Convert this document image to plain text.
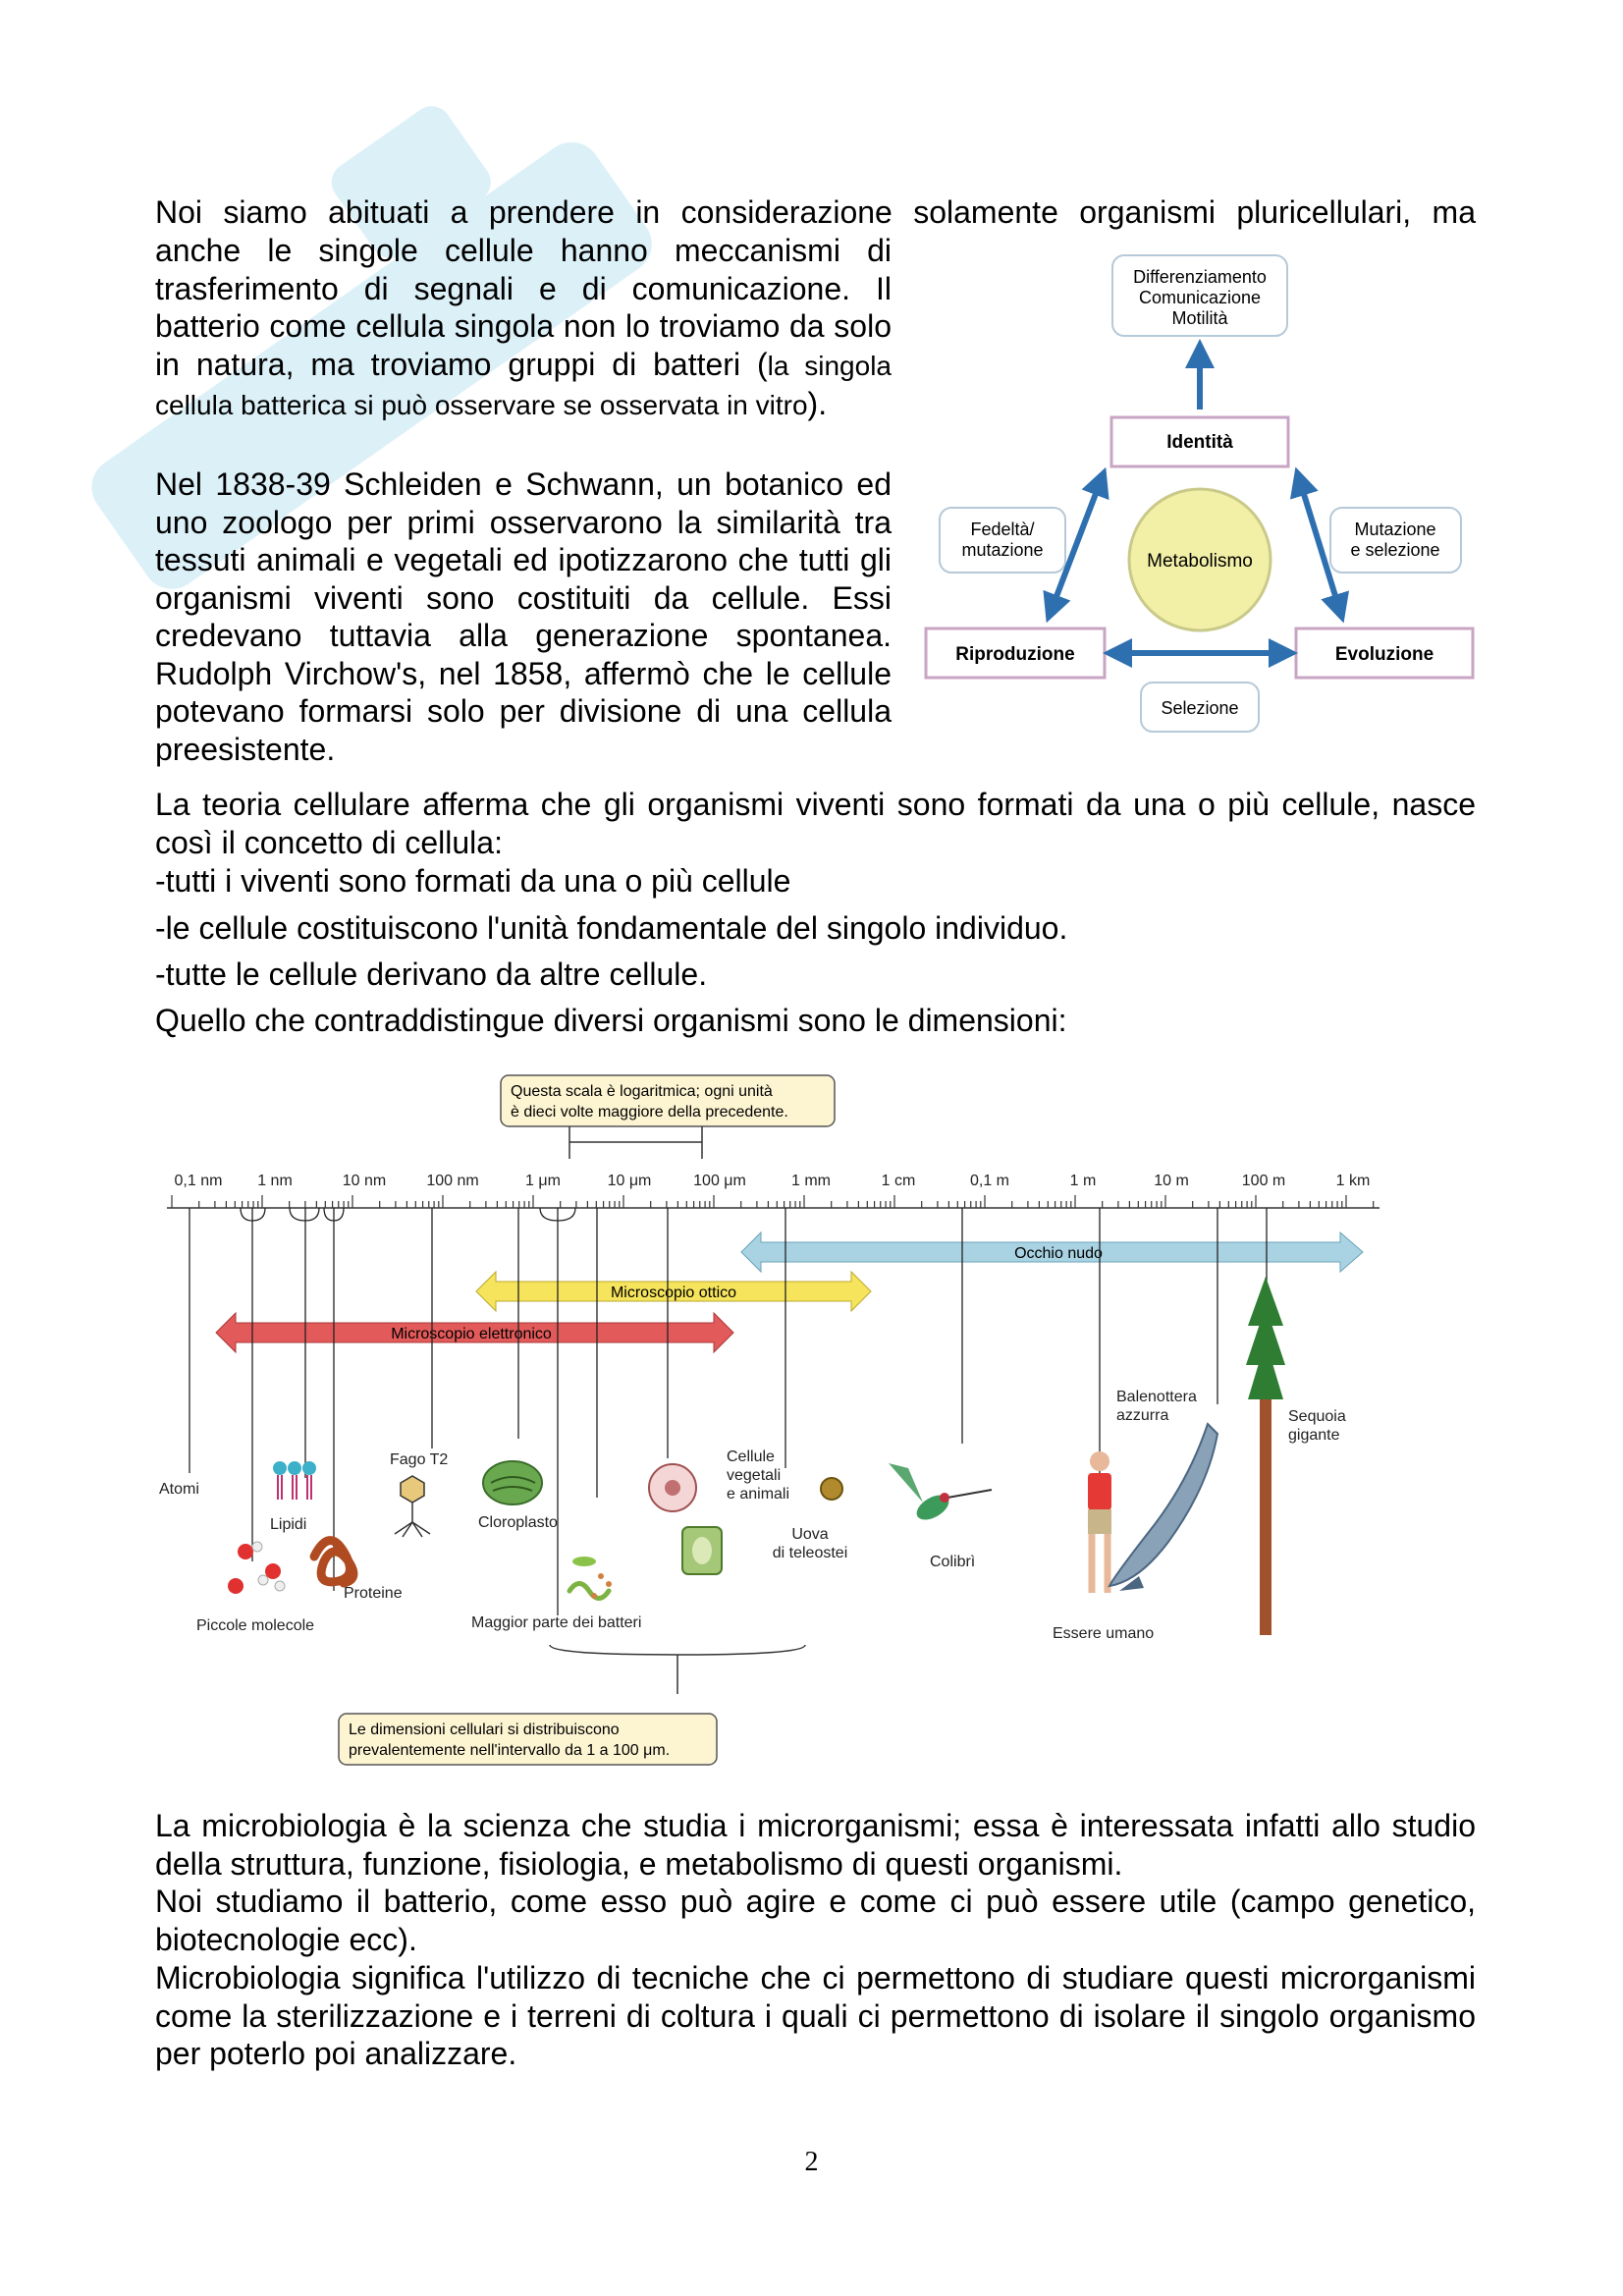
Noi siamo abituati a prendere in considerazione solamente organismi pluricellulari, ma

anche le singole cellule hanno meccanismi di trasferimento di segnali e di comunicazione. Il batterio come cellula singola non lo troviamo da solo in natura, ma troviamo gruppi di batteri (la singola cellula batterica si può osservare se osservata in vitro).

Nel 1838-39 Schleiden e Schwann, un botanico ed uno zoologo per primi osservarono la similarità tra tessuti animali e vegetali ed ipotizzarono che tutti gli organismi viventi sono costituiti da cellule. Essi credevano tuttavia alla generazione spontanea. Rudolph Virchow's, nel 1858, affermò che le cellule potevano formarsi solo per divisione di una cellula preesistente.

Differenziamento
Comunicazione
Motilità
Identità
Metabolismo
Fedeltà/
mutazione
Mutazione
e selezione
Riproduzione	Evoluzione
Selezione

La teoria cellulare afferma che gli organismi viventi sono formati da una o più cellule, nasce così il concetto di cellula:

-tutti i viventi sono formati da una o più cellule

-le cellule costituiscono l'unità fondamentale del singolo individuo.

-tutte le cellule derivano da altre cellule.

Quello che contraddistingue diversi organismi sono le dimensioni:

Questa scala è logaritmica; ogni unità
è dieci volte maggiore della precedente.
0,1 nm 1 nm	10 nm	100 nm	1 μm	10 μm	100 μm	1 mm	1 cm	0,1 m	1 m	10 m	100 m	1 km
Occhio nudo
Microscopio ottico
Microscopio elettronico
Atomi
Lipidi
Piccole molecole
Proteine
Fago T2
Cloroplasto
Maggior parte dei batteri
Cellule
vegetali
e animali
Uova
di teleostei
Colibrì
Essere umano
Balenottera
azzurra	Sequoia
gigante
Le dimensioni cellulari si distribuiscono
prevalentemente nell'intervallo da 1 a 100 μm.

La microbiologia è la scienza che studia i microrganismi; essa è interessata infatti allo studio della struttura, funzione, fisiologia, e metabolismo di questi organismi.

Noi studiamo il batterio, come esso può agire e come ci può essere utile (campo genetico, biotecnologie ecc).

Microbiologia significa l'utilizzo di tecniche che ci permettono di studiare questi microrganismi come la sterilizzazione e i terreni di coltura i quali ci permettono di isolare il singolo organismo per poterlo poi analizzare.

2
